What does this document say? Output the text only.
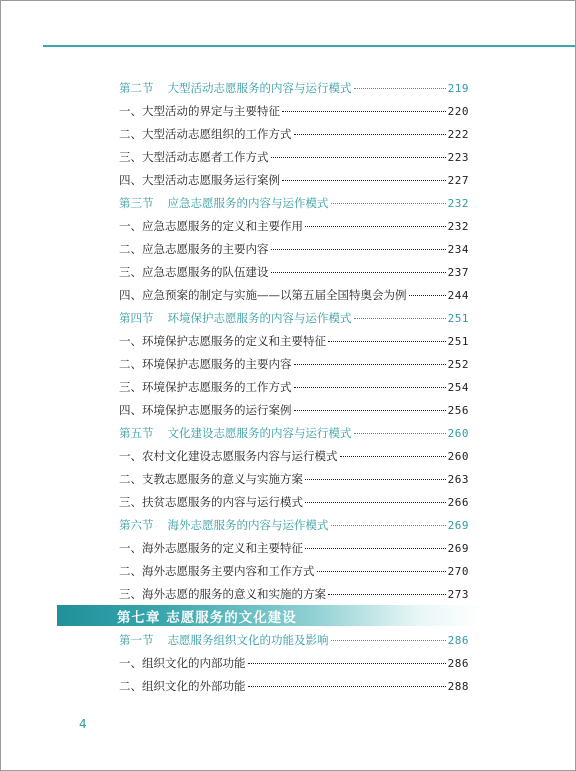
第二节 大型活动志愿服务的内容与运行模式	219
一、 大型活动的界定与主要特征	220
二、 大型活动志愿组织的工作方式	222
三、 大型活动志愿者工作方式	223
四、 大型活动志愿服务运行案例	227
第三节 应急志愿服务的内容与运作模式	232
一、 应急志愿服务的定义和主要作用	232
二、 应急志愿服务的主要内容	234
三、 应急志愿服务的队伍建设	237
四、 应急预案的制定与实施——以第五届全国特奥会为例	244
第四节 环境保护志愿服务的内容与运作模式	251
一、 环境保护志愿服务的定义和主要特征	251
二、 环境保护志愿服务的主要内容	252
三、 环境保护志愿服务的工作方式	254
四、 环境保护志愿服务的运行案例	256
第五节 文化建设志愿服务的内容与运行模式	260
一、 农村文化建设志愿服务内容与运行模式	260
二、 支教志愿服务的意义与实施方案	263
三、 扶贫志愿服务的内容与运行模式	266
第六节 海外志愿服务的内容与运作模式	269
一、 海外志愿服务的定义和主要特征	269
二、 海外志愿服务主要内容和工作方式	270
三、 海外志愿的服务的意义和实施的方案	273
第七章 志愿服务的文化建设
第一节 志愿服务组织文化的功能及影响	286
一、 组织文化的内部功能	286
二、 组织文化的外部功能	288
4
